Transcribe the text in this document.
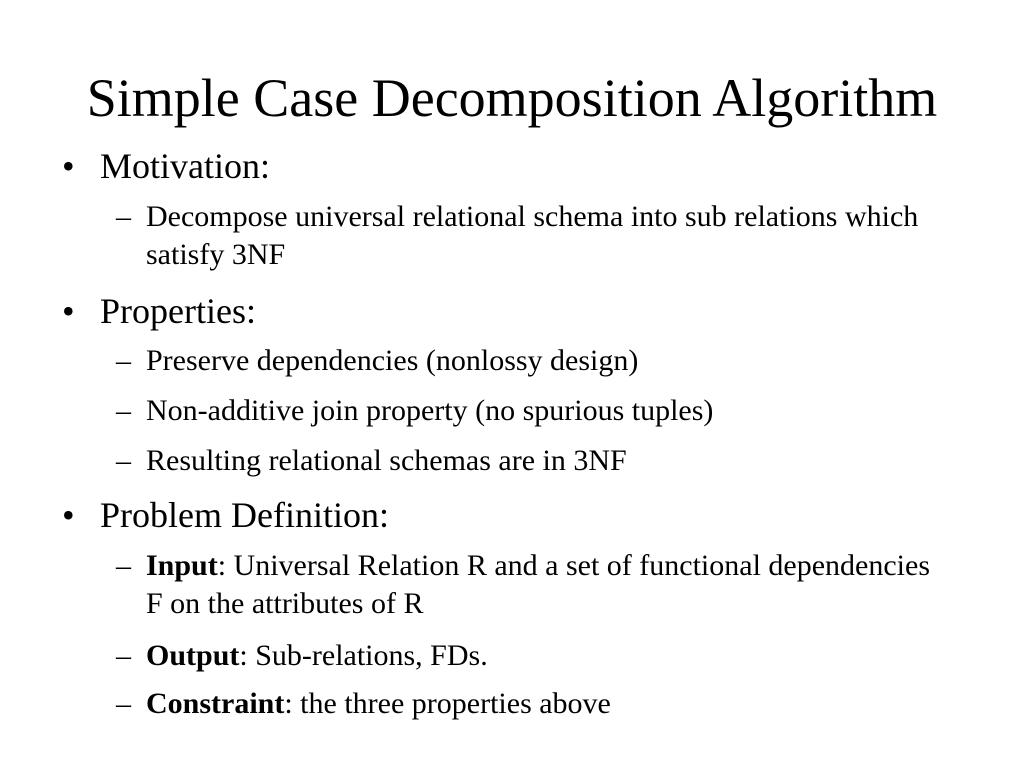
Simple Case Decomposition Algorithm
• Motivation:
– Decompose universal relational schema into sub relations which satisfy 3NF
• Properties:
– Preserve dependencies (nonlossy design)
– Non-additive join property (no spurious tuples)
– Resulting relational schemas are in 3NF
• Problem Definition:
– Input: Universal Relation R and a set of functional dependencies F on the attributes of R
– Output: Sub-relations, FDs.
– Constraint: the three properties above
